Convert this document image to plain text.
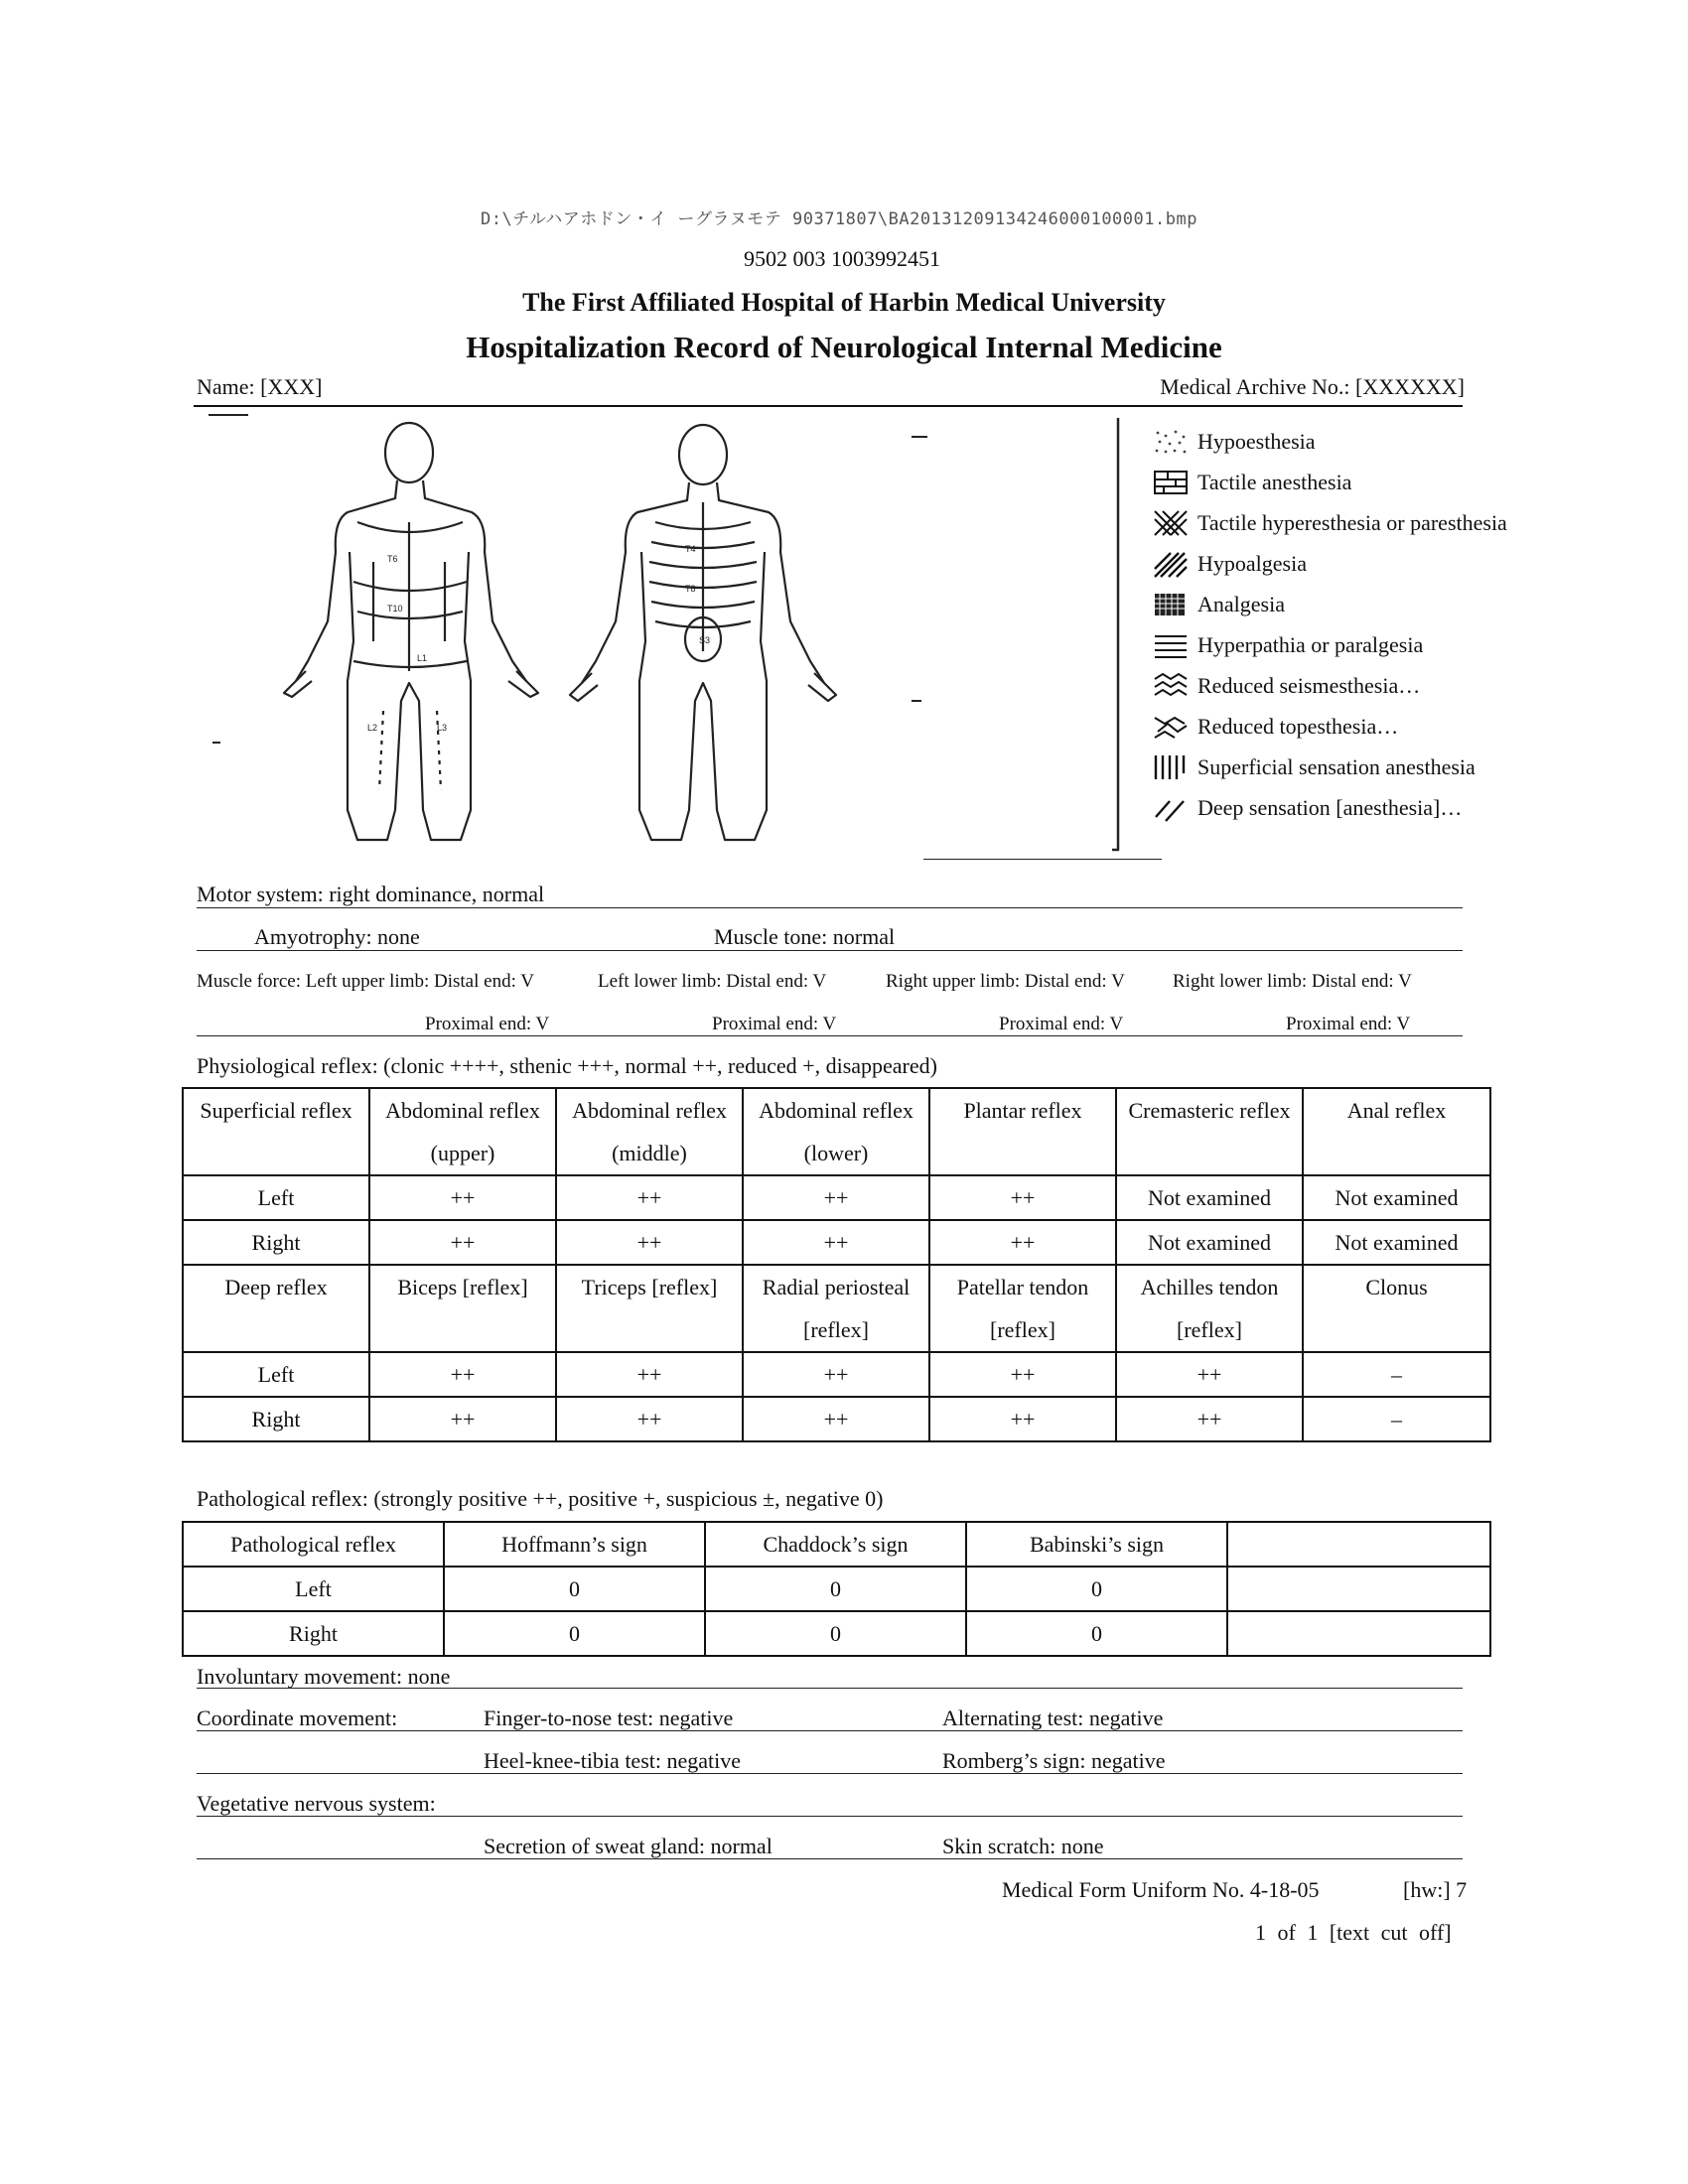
D:\チルハアホドン・イ ーグラヌモテ 90371807\BA20131209134246000100001.bmp
9502 003 1003992451
The First Affiliated Hospital of Harbin Medical University
Hospitalization Record of Neurological Internal Medicine
Name: [XXX]	Medical Archive No.: [XXXXXX]
T6
T10
L1
L2	L3
T4
T8
S3
Hypoesthesia
Tactile anesthesia
Tactile hyperesthesia or paresthesia
Hypoalgesia
Analgesia
Hyperpathia or paralgesia
Reduced seismesthesia…
Reduced topesthesia…
Superficial sensation anesthesia
Deep sensation [anesthesia]…
Motor system: right dominance, normal
Amyotrophy: none	Muscle tone: normal
Muscle force: Left upper limb: Distal end: V	Left lower limb: Distal end: V	Right upper limb: Distal end: V	Right lower limb: Distal end: V
Proximal end: V	Proximal end: V	Proximal end: V	Proximal end: V
Physiological reflex: (clonic ++++, sthenic +++, normal ++, reduced +, disappeared)
Superficial reflex	Abdominal reflex (upper)	Abdominal reflex (middle)	Abdominal reflex (lower)	Plantar reflex	Cremasteric reflex	Anal reflex
Left	++	++	++	++	Not examined	Not examined
Right	++	++	++	++	Not examined	Not examined
Deep reflex	Biceps [reflex]	Triceps [reflex]	Radial periosteal [reflex]	Patellar tendon [reflex]	Achilles tendon [reflex]	Clonus
Left	++	++	++	++	++	–
Right	++	++	++	++	++	–
Pathological reflex: (strongly positive ++, positive +, suspicious ±, negative 0)
Pathological reflex	Hoffmann’s sign	Chaddock’s sign	Babinski’s sign	
Left	0	0	0	
Right	0	0	0	
Involuntary movement: none
Coordinate movement:	Finger-to-nose test: negative	Alternating test: negative
Heel-knee-tibia test: negative	Romberg’s sign: negative
Vegetative nervous system:
Secretion of sweat gland: normal	Skin scratch: none
Medical Form Uniform No. 4-18-05	[hw:] 7
1 of 1 [text cut off]
